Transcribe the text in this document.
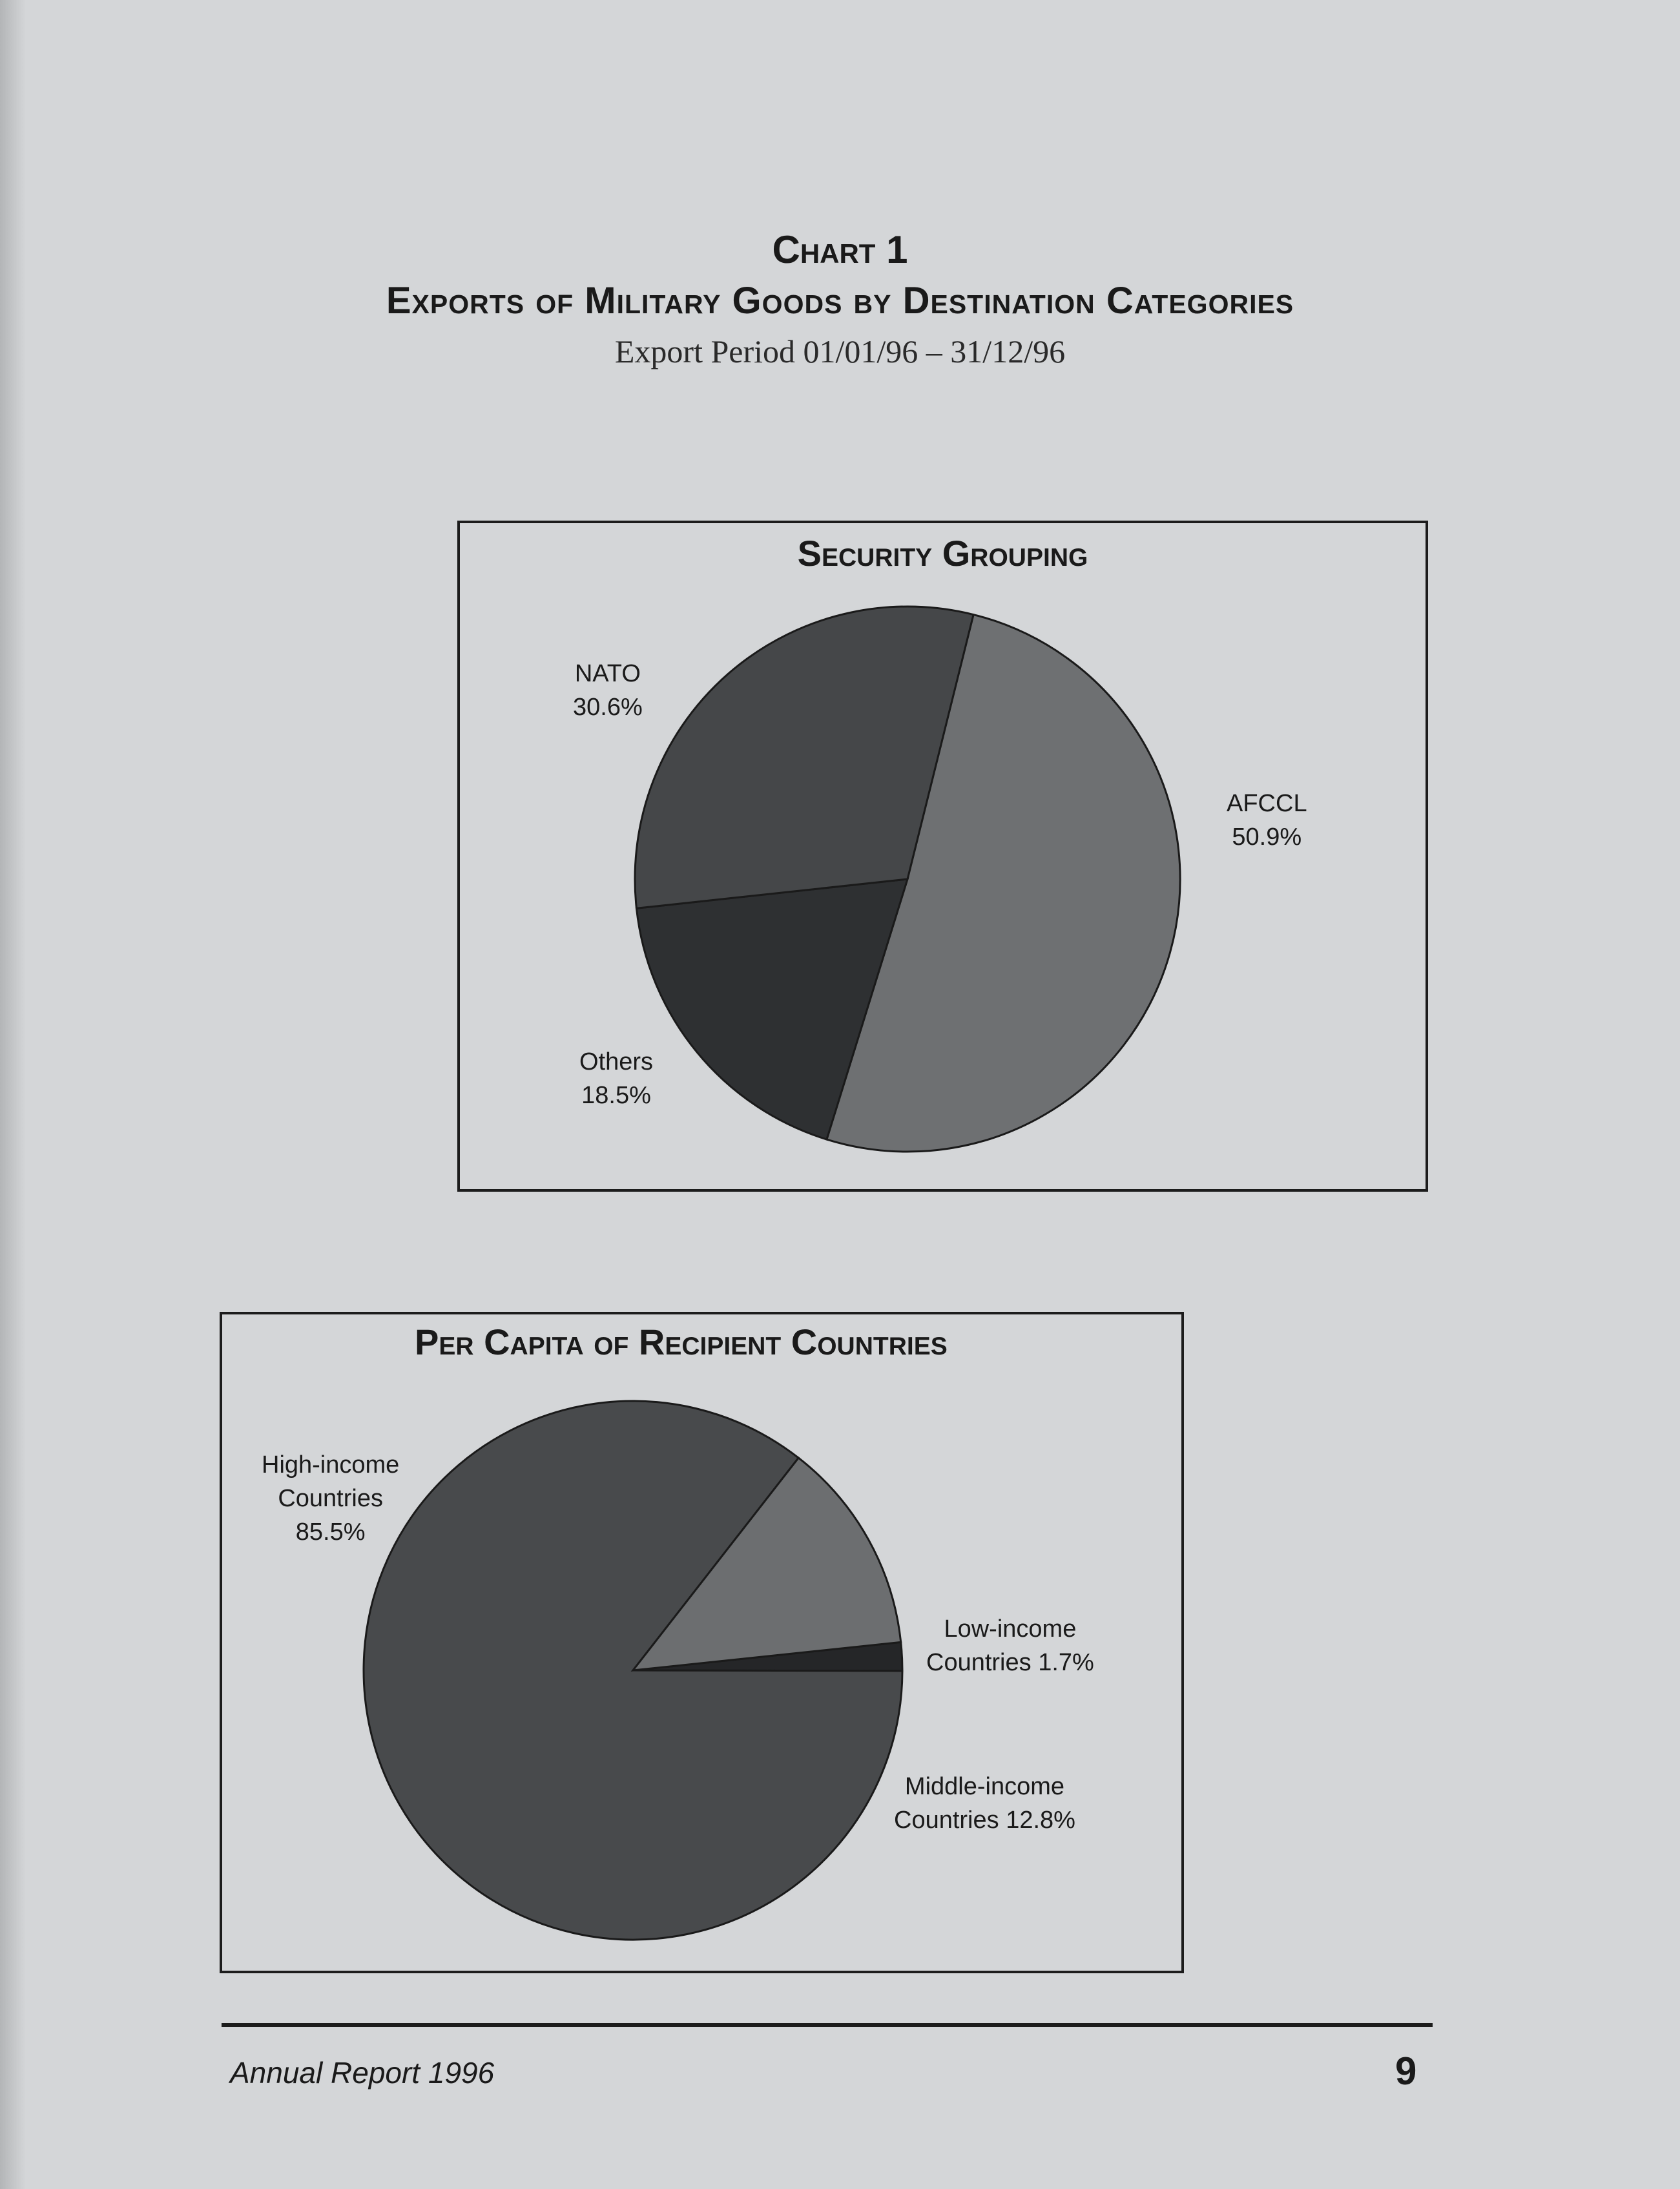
Chart 1
Exports of Military Goods by Destination Categories
Export Period 01/01/96 – 31/12/96
Security Grouping
NATO
30.6%
AFCCL
50.9%
Others
18.5%
Per Capita of Recipient Countries
High-income
Countries
85.5%
Low-income
Countries 1.7%
Middle-income
Countries 12.8%
Annual Report 1996	9
